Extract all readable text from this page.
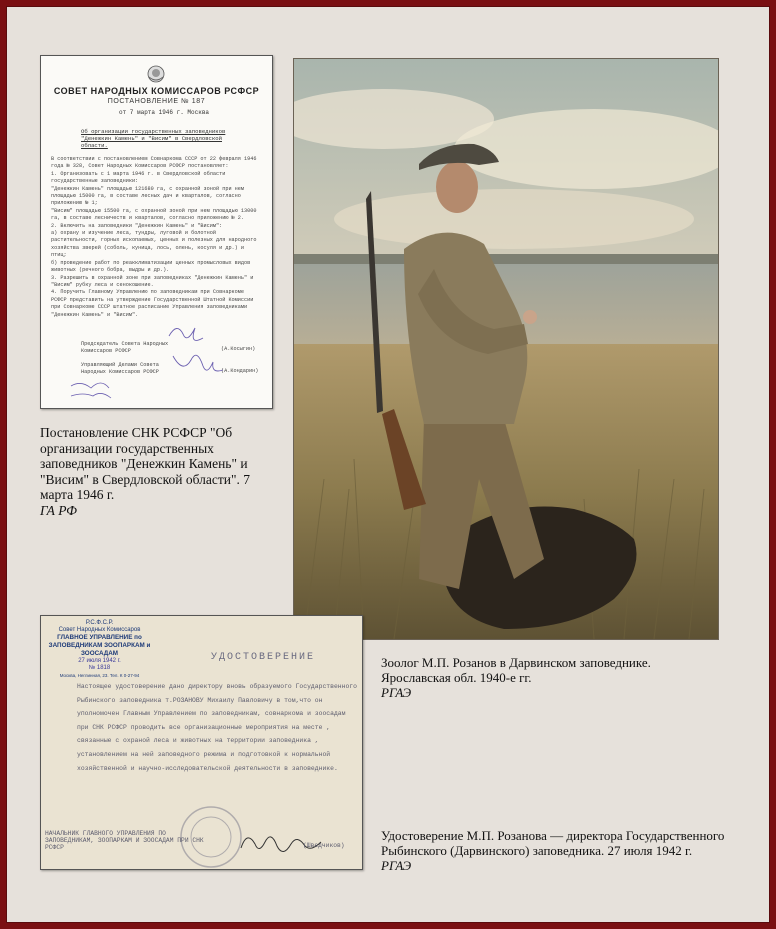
СОВЕТ НАРОДНЫХ КОМИССАРОВ РСФСР
ПОСТАНОВЛЕНИЕ № 187
от 7 марта 1946 г. Москва
Об организации государственных заповедников "Денежкин Камень" и "Висим" в Свердловской области.
В соответствии с постановлением Совнаркома СССР от 22 февраля 1946 года № 328, Совет Народных Комиссаров РСФСР постановляет:
1. Организовать с 1 марта 1946 г. в Свердловской области государственные заповедники:
"Денежкин Камень" площадью 121680 га, с охранной зоной при нем площадью 15000 га, в составе лесных дач и кварталов, согласно приложению № 1;
"Висим" площадью 15500 га, с охранной зоной при нем площадью 13000 га, в составе лесничеств и кварталов, согласно приложению № 2.
2. Включить на заповедники "Денежкин Камень" и "Висим":
а) охрану и изучение леса, тундры, луговой и болотной растительности, горных ископаемых, ценных и полезных для народного хозяйства зверей (соболь, куница, лось, олень, косуля и др.) и птиц;
б) проведение работ по реакклиматизации ценных промысловых видов животных (речного бобра, выдры и др.).
3. Разрешить в охранной зоне при заповедниках "Денежкин Камень" и "Висим" рубку леса и сенокошение.
4. Поручить Главному Управлению по заповедникам при Совнаркоме РСФСР представить на утверждение Государственной Штатной Комиссии при Совнаркоме СССР штатное расписание Управления заповедниками "Денежкин Камень" и "Висим".
Председатель Совета Народных Комиссаров РСФСР	(А.Косыгин)
Управляющий Делами Совета Народных Комиссаров РСФСР	(А.Кондарин)
Постановление СНК РСФСР "Об организации государственных заповедников "Денежкин Камень" и "Висим" в Свердловской области". 7 марта 1946 г.
ГА РФ
Зоолог М.П. Розанов в Дарвинском заповеднике. Ярославская обл. 1940-е гг.
РГАЭ
Р.С.Ф.С.Р.
Совет Народных Комиссаров
ГЛАВНОЕ УПРАВЛЕНИЕ по ЗАПОВЕДНИКАМ ЗООПАРКАМ и ЗООСАДАМ
27 июля 1942 г.
№ 1818
Москва, Неглинная, 23. Тел. К 0-27-94
УДОСТОВЕРЕНИЕ
Настоящее удостоверение дано директору вновь образуемого Государственного Рыбинского заповедника т.РОЗАНОВУ Михаилу Павловичу в том,что он уполномочен Главным Управлением по заповедникам, совнаркома и зоосадам при СНК РСФСР проводить все организационные мероприятия на месте , связанные с охраной леса и животных на территории заповедника , установлением на ней заповедного режима и подготовкой к нормальной хозяйственной и научно-исследовательской деятельности в заповеднике.
НАЧАЛЬНИК ГЛАВНОГО УПРАВЛЕНИЯ ПО ЗАПОВЕДНИКАМ, ЗООПАРКАМ И ЗООСАДАМ ПРИ СНК РСФСР	(Шведчиков)
Удостоверение М.П. Розанова — директора Государственного Рыбинского (Дарвинского) заповедника. 27 июля 1942 г.
РГАЭ
